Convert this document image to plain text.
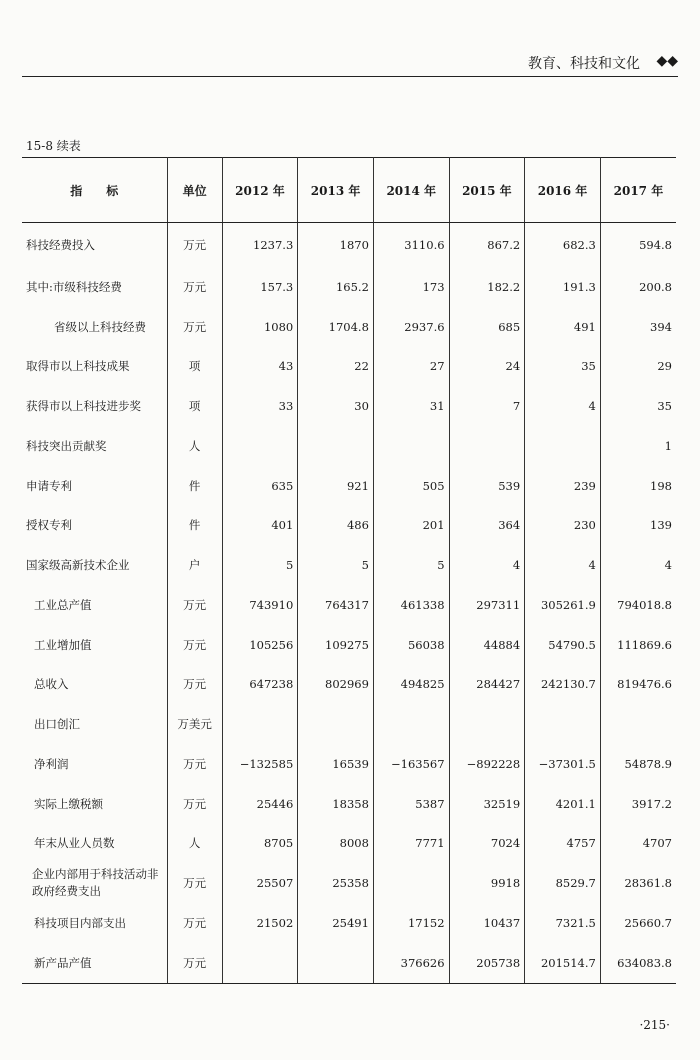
教育、科技和文化 ◆◆
15-8 续表
指　　标	单位	2012 年	2013 年	2014 年	2015 年	2016 年	2017 年
科技经费投入	万元	1237.3	1870	3110.6	867.2	682.3	594.8
其中:市级科技经费	万元	157.3	165.2	173	182.2	191.3	200.8
省级以上科技经费	万元	1080	1704.8	2937.6	685	491	394
取得市以上科技成果	项	43	22	27	24	35	29
获得市以上科技进步奖	项	33	30	31	7	4	35
科技突出贡献奖	人						1
申请专利	件	635	921	505	539	239	198
授权专利	件	401	486	201	364	230	139
国家级高新技术企业	户	5	5	5	4	4	4
工业总产值	万元	743910	764317	461338	297311	305261.9	794018.8
工业增加值	万元	105256	109275	56038	44884	54790.5	111869.6
总收入	万元	647238	802969	494825	284427	242130.7	819476.6
出口创汇	万美元						
净利润	万元	−132585	16539	−163567	−892228	−37301.5	54878.9
实际上缴税额	万元	25446	18358	5387	32519	4201.1	3917.2
年末从业人员数	人	8705	8008	7771	7024	4757	4707
企业内部用于科技活动非政府经费支出	万元	25507	25358		9918	8529.7	28361.8
科技项目内部支出	万元	21502	25491	17152	10437	7321.5	25660.7
新产品产值	万元			376626	205738	201514.7	634083.8
·215·
